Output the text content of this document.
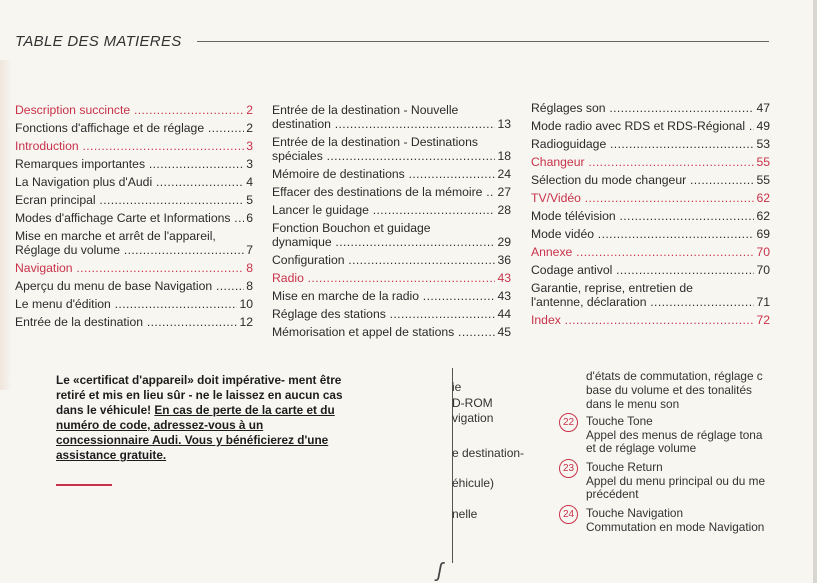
TABLE DES MATIERES
Description succincte .....	2
Fonctions d'affichage et de réglage .....	2
Introduction .....	3
Remarques importantes .....	3
La Navigation plus d'Audi .....	4
Ecran principal .....	5
Modes d'affichage Carte et Informations .....	6
Mise en marche et arrêt de l'appareil,
Réglage du volume .....	7
Navigation .....	8
Aperçu du menu de base Navigation .....	8
Le menu d'édition .....	10
Entrée de la destination .....	12
Entrée de la destination - Nouvelle
destination .....	13
Entrée de la destination - Destinations
spéciales .....	18
Mémoire de destinations .....	24
Effacer des destinations de la mémoire .....	27
Lancer le guidage .....	28
Fonction Bouchon et guidage
dynamique .....	29
Configuration .....	36
Radio .....	43
Mise en marche de la radio .....	43
Réglage des stations .....	44
Mémorisation et appel de stations .....	45
Réglages son .....	47
Mode radio avec RDS et RDS-Régional ..... 49
Radioguidage .....	53
Changeur .....	55
Sélection du mode changeur .....	55
TV/Vidéo .....	62
Mode télévision .....	62
Mode vidéo .....	69
Annexe .....	70
Codage antivol .....	70
Garantie, reprise, entretien de
l'antenne, déclaration .....	71
Index .....	72
Le «certificat d'appareil» doit impérative- ment être retiré et mis en lieu sûr - ne le laissez en aucun cas dans le véhicule! En cas de perte de la carte et du numéro de code, adressez-vous à un concessionnaire Audi. Vous y bénéficierez d'une assistance gratuite.
ie
D-ROM
vigation
e destination-
éhicule)
nelle
d'états de commutation, réglage c
base du volume et des tonalités
dans le menu son
22	Touche Tone
Appel des menus de réglage tona
et de réglage volume
23	Touche Return
Appel du menu principal ou du me
précédent
24	Touche Navigation
Commutation en mode Navigation
ʃ
